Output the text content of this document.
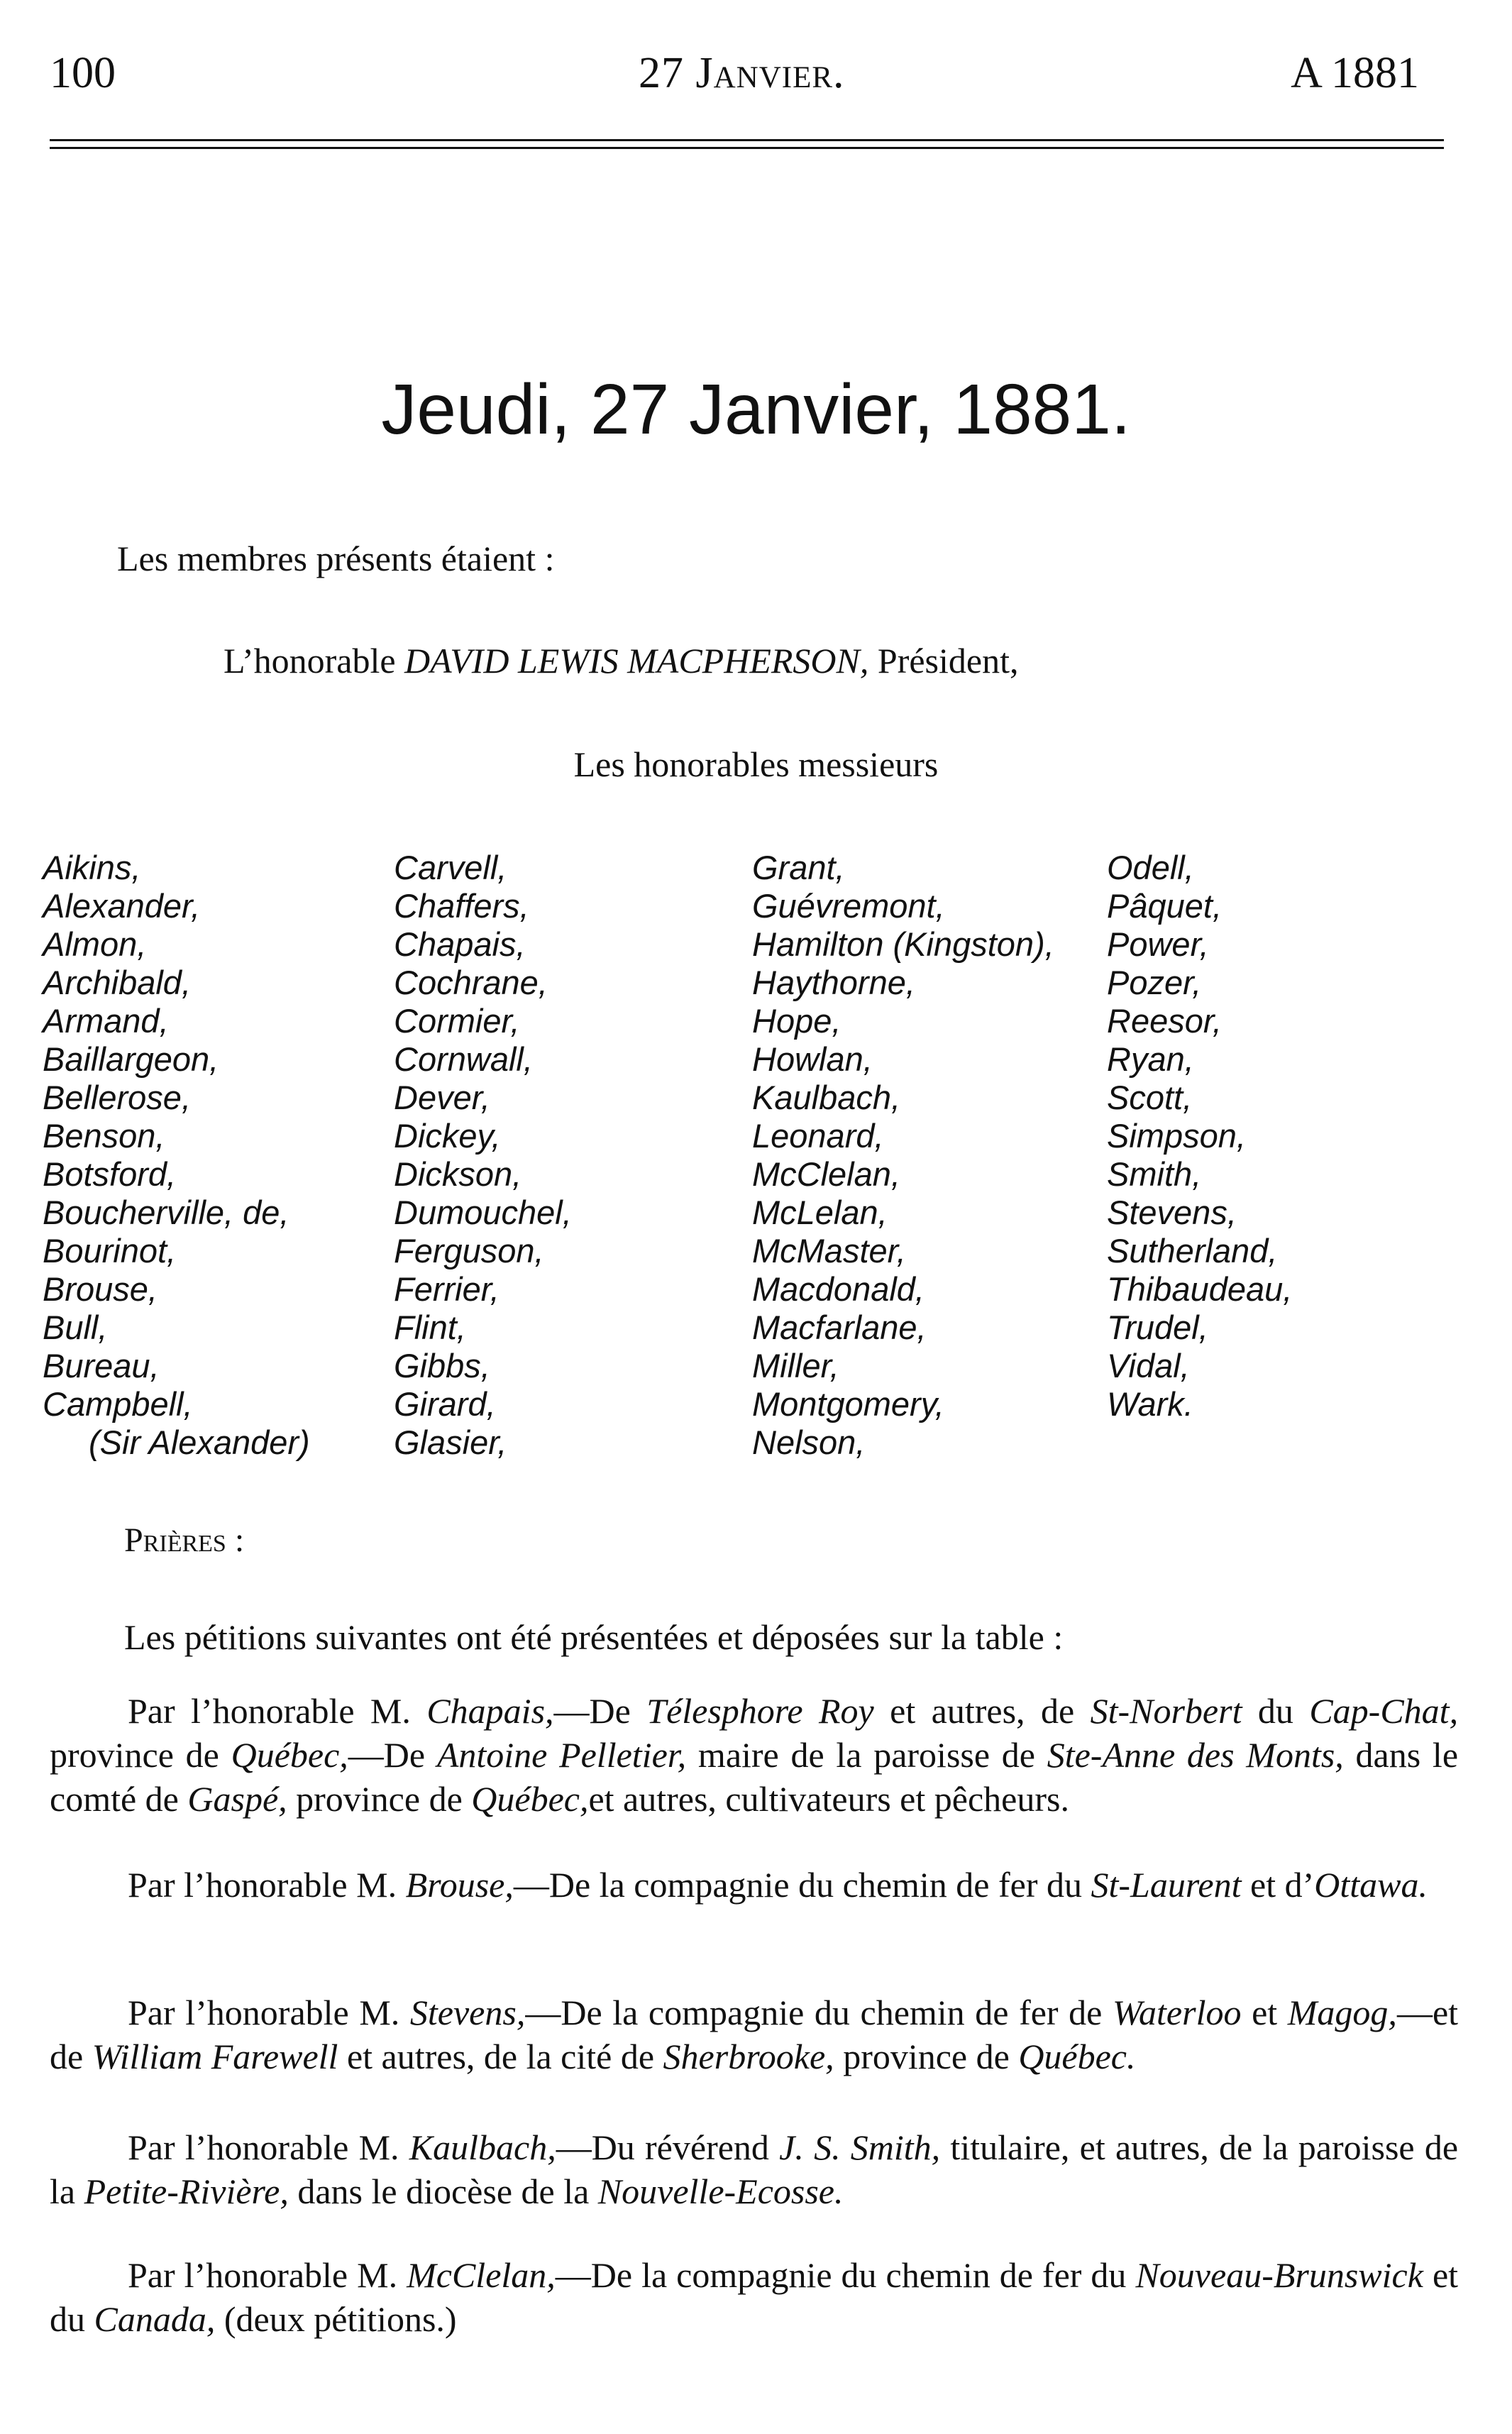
100	27 Janvier.	A 1881
Jeudi, 27 Janvier, 1881.
Les membres présents étaient :
L’honorable DAVID LEWIS MACPHERSON, Président,
Les honorables messieurs
Aikins,
Alexander,
Almon,
Archibald,
Armand,
Baillargeon,
Bellerose,
Benson,
Botsford,
Boucherville, de,
Bourinot,
Brouse,
Bull,
Bureau,
Campbell,
(Sir Alexander)
Carvell,
Chaffers,
Chapais,
Cochrane,
Cormier,
Cornwall,
Dever,
Dickey,
Dickson,
Dumouchel,
Ferguson,
Ferrier,
Flint,
Gibbs,
Girard,
Glasier,
Grant,
Guévremont,
Hamilton (Kingston),
Haythorne,
Hope,
Howlan,
Kaulbach,
Leonard,
McClelan,
McLelan,
McMaster,
Macdonald,
Macfarlane,
Miller,
Montgomery,
Nelson,
Odell,
Pâquet,
Power,
Pozer,
Reesor,
Ryan,
Scott,
Simpson,
Smith,
Stevens,
Sutherland,
Thibaudeau,
Trudel,
Vidal,
Wark.
Prières :
Les pétitions suivantes ont été présentées et déposées sur la table :
Par l’honorable M. Chapais,—De Télesphore Roy et autres, de St-Norbert du Cap-Chat, province de Québec,—De Antoine Pelletier, maire de la paroisse de Ste-Anne des Monts, dans le comté de Gaspé, province de Québec,et autres, cultivateurs et pêcheurs.
Par l’honorable M. Brouse,—De la compagnie du chemin de fer du St-Laurent et d’Ottawa.
Par l’honorable M. Stevens,—De la compagnie du chemin de fer de Waterloo et Magog,—et de William Farewell et autres, de la cité de Sherbrooke, province de Québec.
Par l’honorable M. Kaulbach,—Du révérend J. S. Smith, titulaire, et autres, de la paroisse de la Petite-Rivière, dans le diocèse de la Nouvelle-Ecosse.
Par l’honorable M. McClelan,—De la compagnie du chemin de fer du Nouveau-Brunswick et du Canada, (deux pétitions.)
